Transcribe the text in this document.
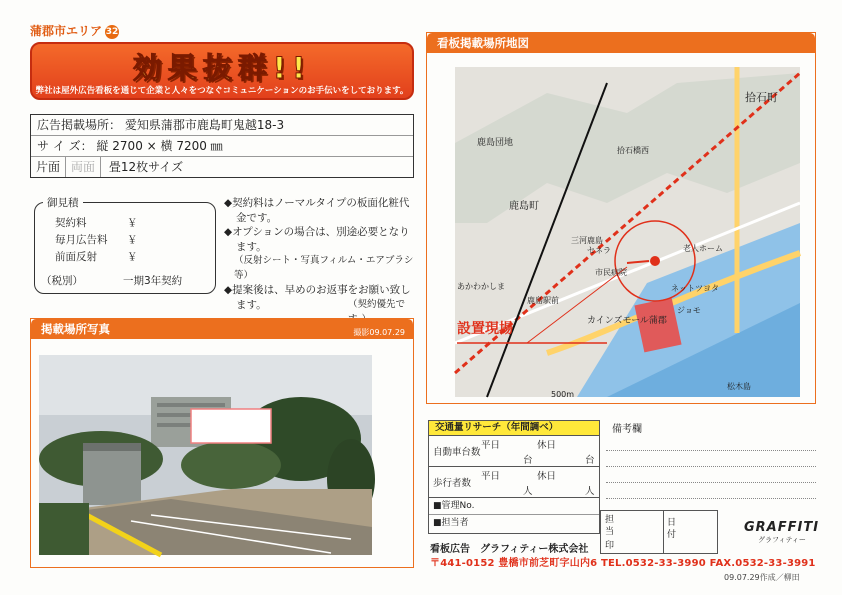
蒲郡市エリア 32
効果抜群!!
弊社は屋外広告看板を通じて企業と人々をつなぐコミュニケーションのお手伝いをしております。
広告掲載場所： 愛知県蒲郡市鹿島町鬼越18-3
サ イ ズ： 縦 2700 × 横 7200 ㎜
片面 両面 畳12枚サイズ
御見積
契約料	￥
毎月広告料 ￥
前面反射	￥
（税別）	一期3年契約
◆契約料はノーマルタイプの板面化粧代金です。
◆オプションの場合は、別途必要となります。
（反射シート・写真フィルム・エアブラシ等）
◆提案後は、早めのお返事をお願い致します。	（契約優先で
掲載場所写真	撮影09.07.29
看板掲載場所地図
拾石町
鹿島団地
鹿島町
設置現場	カインズモール蒲郡
ジョモ
ネットツヨタ
老人ホーム
三河鹿島
市民病院
鹿島駅前
セネラ
あかわかしま
松木島
拾石橋西
500m
交通量リサーチ（年間調べ）
自動車台数
平日	休日
台	台
歩行者数
平日	休日
人	人
■管理No.
■担当者
備考欄
担当
印
日付	GRAFFITI
グラフィティー
看板広告　グラフィティー株式会社
〒441-0152 豊橋市前芝町字山内6 TEL.0532-33-3990 FAX.0532-33-3991
09.07.29作成／柳田
